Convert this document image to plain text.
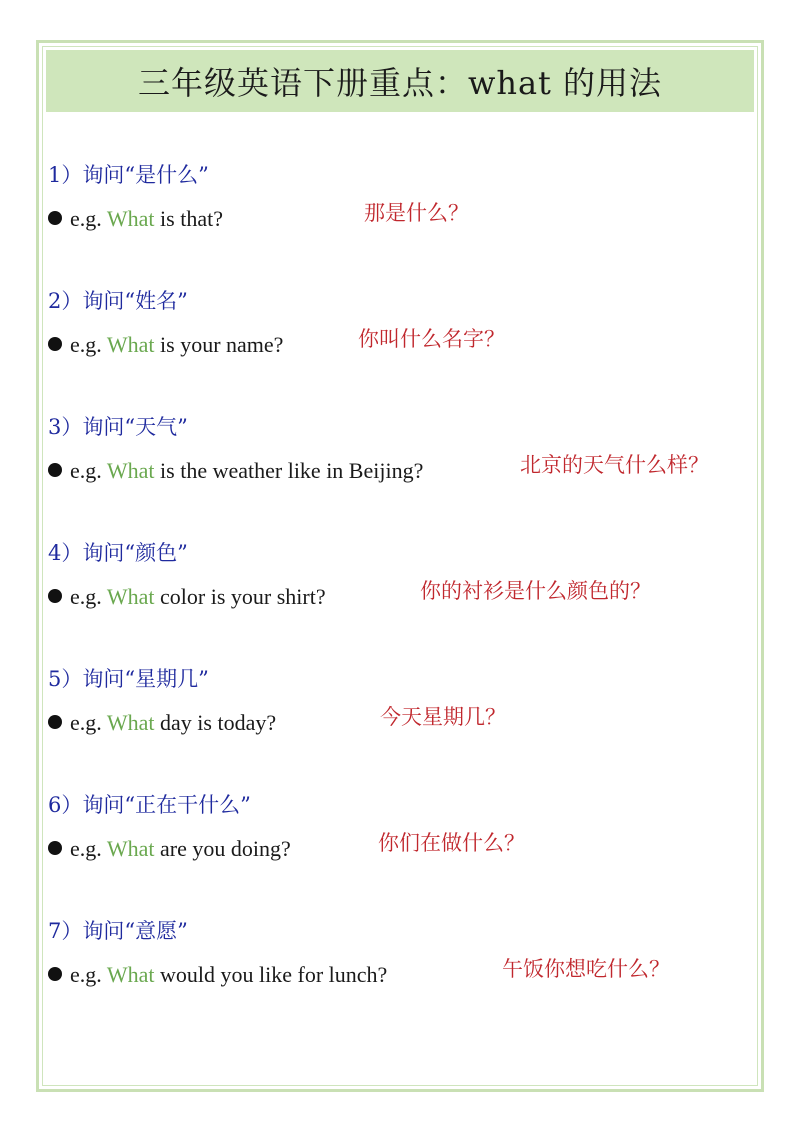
三年级英语下册重点：what 的用法
1）询问“是什么”
e.g. What is that?	那是什么？
2）询问“姓名”
e.g. What is your name?	你叫什么名字？
3）询问“天气”
e.g. What is the weather like in Beijing?	北京的天气什么样？
4）询问“颜色”
e.g. What color is your shirt?	你的衬衫是什么颜色的？
5）询问“星期几”
e.g. What day is today?	今天星期几？
6）询问“正在干什么”
e.g. What are you doing?	你们在做什么？
7）询问“意愿”
e.g. What would you like for lunch?	午饭你想吃什么？
